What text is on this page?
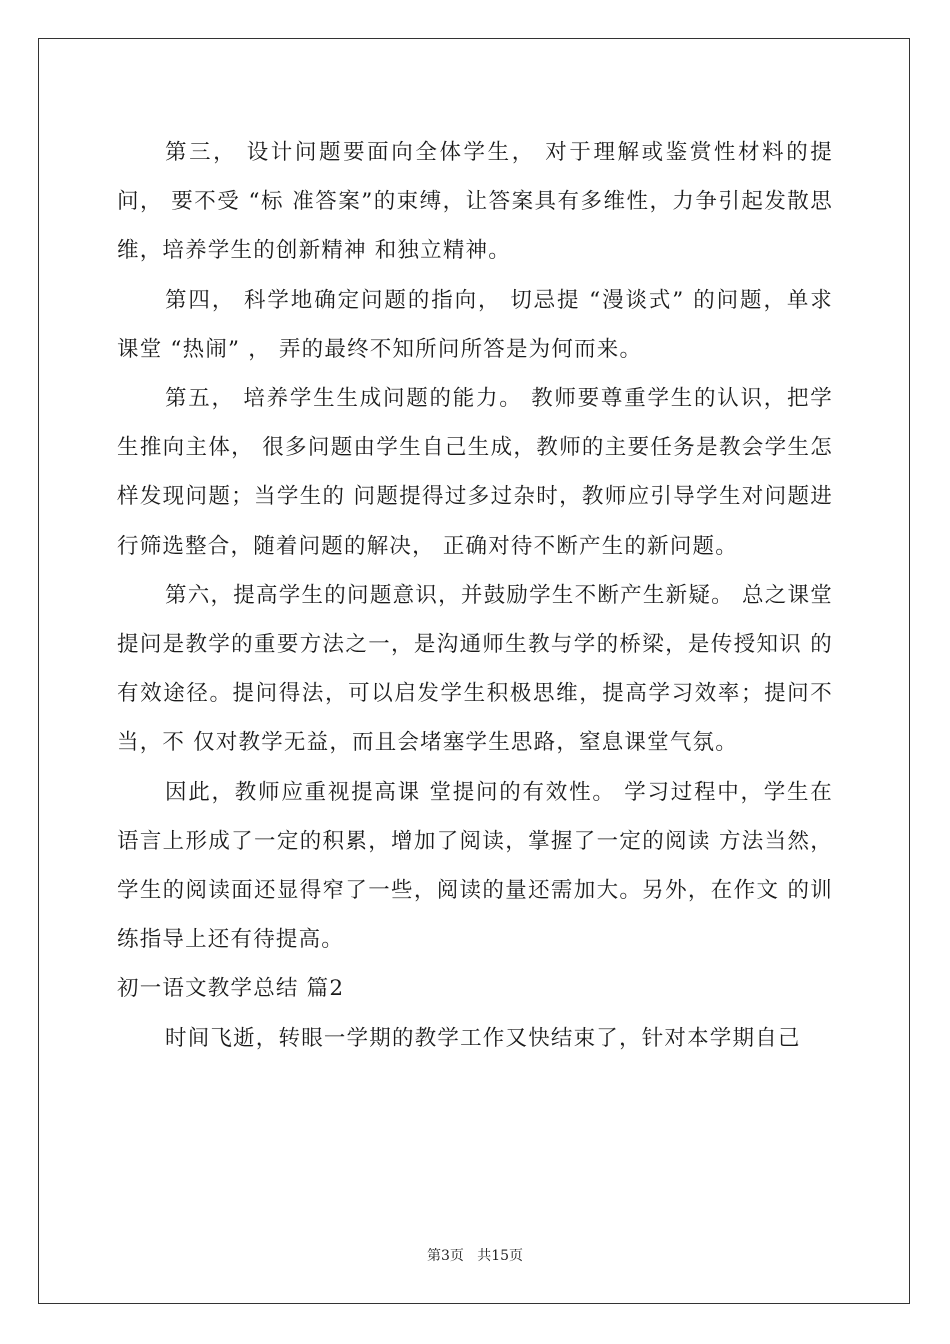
第三， 设计问题要面向全体学生， 对于理解或鉴赏性材料的提问， 要不受 “标 准答案”的束缚，让答案具有多维性，力争引起发散思维，培养学生的创新精神 和独立精神。

第四， 科学地确定问题的指向， 切忌提 “漫谈式” 的问题，单求课堂 “热闹” ， 弄的最终不知所问所答是为何而来。

第五， 培养学生生成问题的能力。 教师要尊重学生的认识，把学生推向主体， 很多问题由学生自己生成，教师的主要任务是教会学生怎样发现问题；当学生的 问题提得过多过杂时，教师应引导学生对问题进行筛选整合，随着问题的解决， 正确对待不断产生的新问题。

第六，提高学生的问题意识，并鼓励学生不断产生新疑。 总之课堂提问是教学的重要方法之一，是沟通师生教与学的桥梁，是传授知识 的有效途径。提问得法，可以启发学生积极思维，提高学习效率；提问不当，不 仅对教学无益，而且会堵塞学生思路，窒息课堂气氛。

因此，教师应重视提高课 堂提问的有效性。 学习过程中，学生在语言上形成了一定的积累，增加了阅读，掌握了一定的阅读 方法当然，学生的阅读面还显得窄了一些，阅读的量还需加大。另外，在作文 的训练指导上还有待提高。

初一语文教学总结 篇2

时间飞逝，转眼一学期的教学工作又快结束了，针对本学期自己

第3页   共15页
